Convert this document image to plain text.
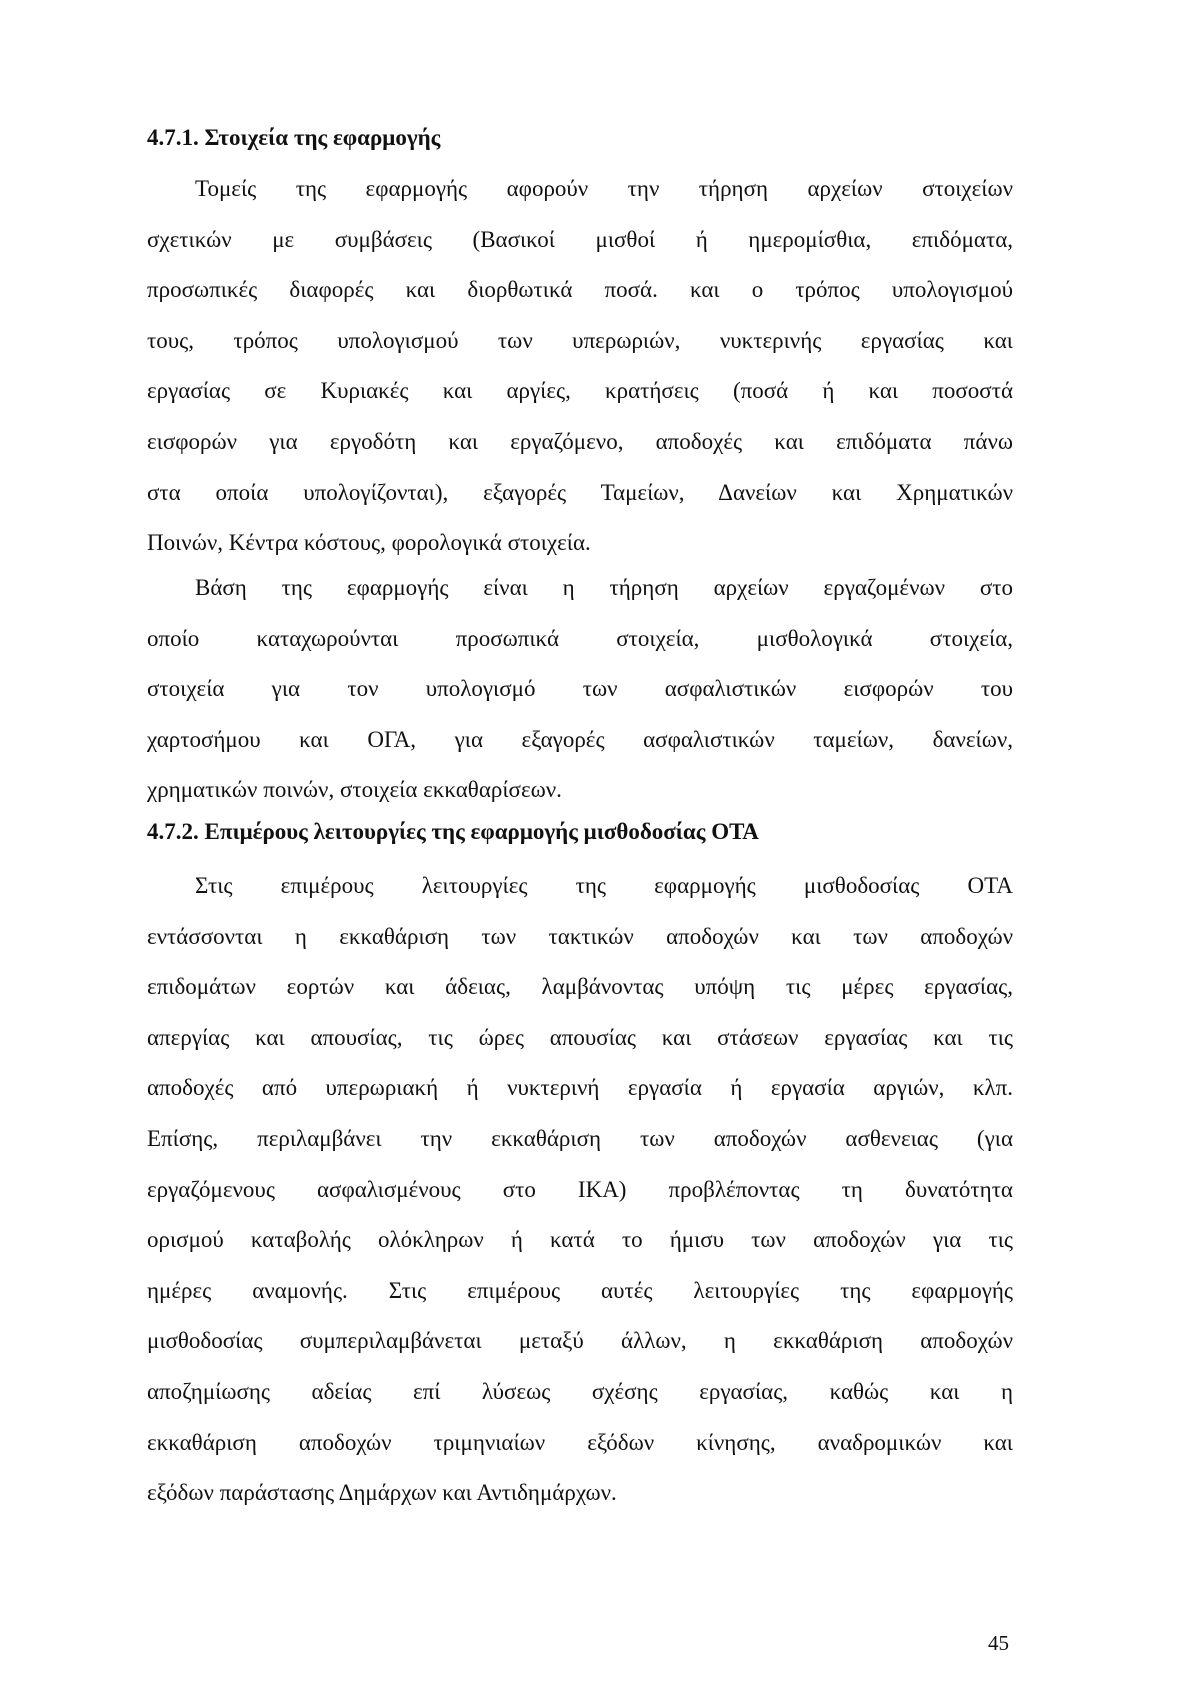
4.7.1. Στοιχεία της εφαρμογής

Τομείς της εφαρμογής αφορούν την τήρηση αρχείων στοιχείων
σχετικών με συμβάσεις (Βασικοί μισθοί ή ημερομίσθια, επιδόματα,
προσωπικές διαφορές και διορθωτικά ποσά. και ο τρόπος υπολογισμού
τους, τρόπος υπολογισμού των υπερωριών, νυκτερινής εργασίας και
εργασίας σε Κυριακές και αργίες, κρατήσεις (ποσά ή και ποσοστά
εισφορών για εργοδότη και εργαζόμενο, αποδοχές και επιδόματα πάνω
στα οποία υπολογίζονται), εξαγορές Ταμείων, Δανείων και Χρηματικών
Ποινών, Κέντρα κόστους, φορολογικά στοιχεία.

Βάση της εφαρμογής είναι η τήρηση αρχείων εργαζομένων στο
οποίο καταχωρούνται προσωπικά στοιχεία, μισθολογικά στοιχεία,
στοιχεία για τον υπολογισμό των ασφαλιστικών εισφορών του
χαρτοσήμου και ΟΓΑ, για εξαγορές ασφαλιστικών ταμείων, δανείων,
χρηματικών ποινών, στοιχεία εκκαθαρίσεων.

4.7.2. Επιμέρους λειτουργίες της εφαρμογής μισθοδοσίας ΟΤΑ

Στις επιμέρους λειτουργίες της εφαρμογής μισθοδοσίας ΟΤΑ
εντάσσονται η εκκαθάριση των τακτικών αποδοχών και των αποδοχών
επιδομάτων εορτών και άδειας, λαμβάνοντας υπόψη τις μέρες εργασίας,
απεργίας και απουσίας, τις ώρες απουσίας και στάσεων εργασίας και τις
αποδοχές από υπερωριακή ή νυκτερινή εργασία ή εργασία αργιών, κλπ.
Επίσης, περιλαμβάνει την εκκαθάριση των αποδοχών ασθενειας (για
εργαζόμενους ασφαλισμένους στο ΙΚΑ) προβλέποντας τη δυνατότητα
ορισμού καταβολής ολόκληρων ή κατά το ήμισυ των αποδοχών για τις
ημέρες αναμονής. Στις επιμέρους αυτές λειτουργίες της εφαρμογής
μισθοδοσίας συμπεριλαμβάνεται μεταξύ άλλων, η εκκαθάριση αποδοχών
αποζημίωσης αδείας επί λύσεως σχέσης εργασίας, καθώς και η
εκκαθάριση αποδοχών τριμηνιαίων εξόδων κίνησης, αναδρομικών και
εξόδων παράστασης Δημάρχων και Αντιδημάρχων.

45
